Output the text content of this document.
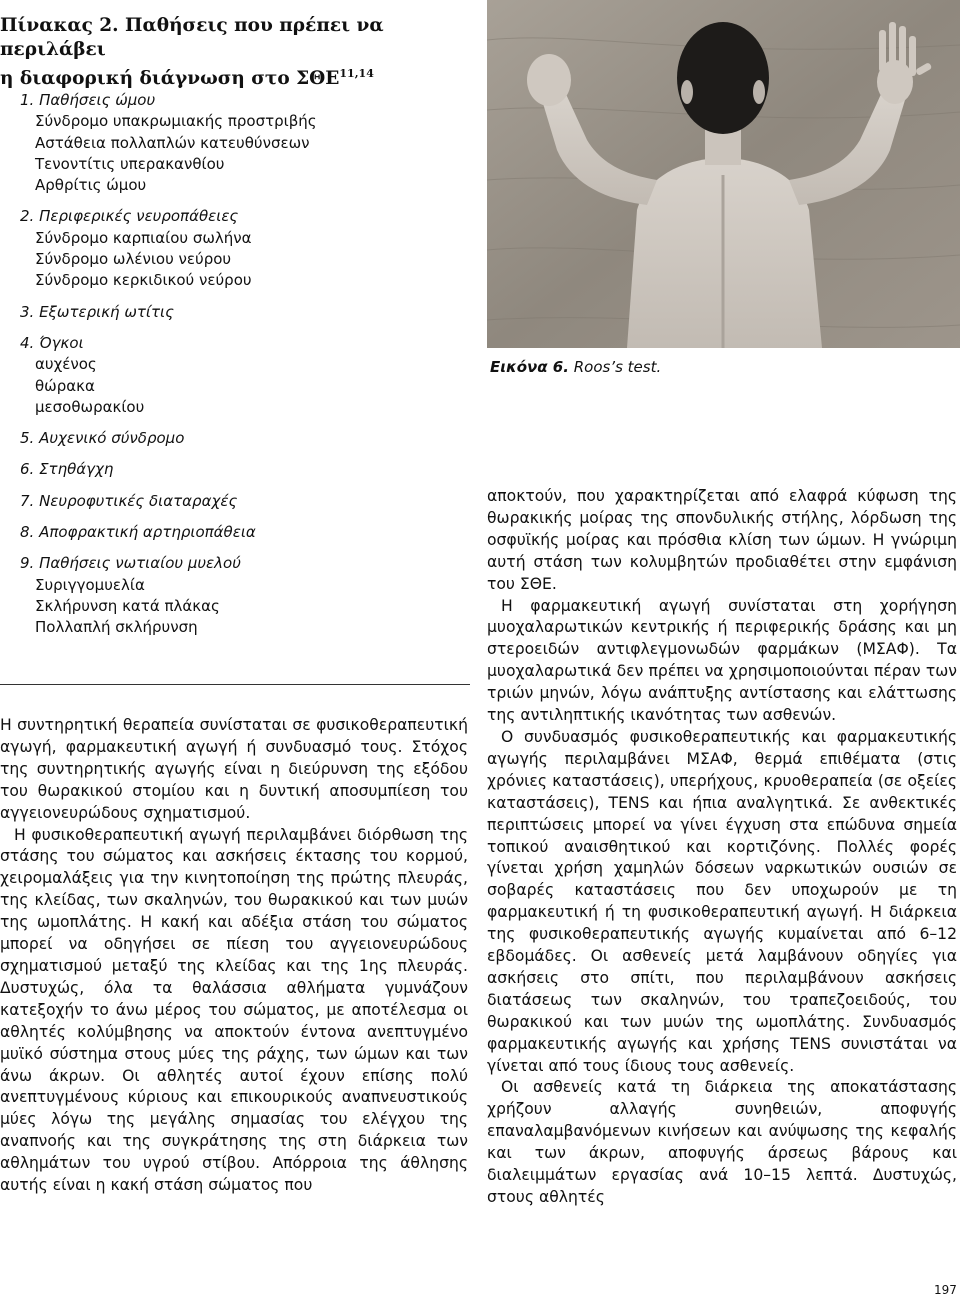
Πίνακας 2. Παθήσεις που πρέπει να περιλάβει
η διαφορική διάγνωση στο ΣΘΕ$^{11,14}$
1. Παθήσεις ώμου
Σύνδρομο υπακρωμιακής προστριβής
Αστάθεια πολλαπλών κατευθύνσεων
Τενοντίτις υπερακανθίου
Αρθρίτις ώμου
2. Περιφερικές νευροπάθειες
Σύνδρομο καρπιαίου σωλήνα
Σύνδρομο ωλένιου νεύρου
Σύνδρομο κερκιδικού νεύρου
3. Εξωτερική ωτίτις
4. Όγκοι
αυχένος
θώρακα
μεσοθωρακίου
5. Αυχενικό σύνδρομο
6. Στηθάγχη
7. Νευροφυτικές διαταραχές
8. Αποφρακτική αρτηριοπάθεια
9. Παθήσεις νωτιαίου μυελού
Συριγγομυελία
Σκλήρυνση κατά πλάκας
Πολλαπλή σκλήρυνση

Η συντηρητική θεραπεία συνίσταται σε φυσικοθεραπευτική αγωγή, φαρμακευτική αγωγή ή συνδυασμό τους. Στόχος της συντηρητικής αγωγής είναι η διεύρυνση της εξόδου του θωρακικού στομίου και η δυντική αποσυμπίεση του αγγειονευρώδους σχηματισμού.

Η φυσικοθεραπευτική αγωγή περιλαμβάνει διόρθωση της στάσης του σώματος και ασκήσεις έκτασης του κορμού, χειρομαλάξεις για την κινητοποίηση της πρώτης πλευράς, της κλείδας, των σκαληνών, του θωρακικού και των μυών της ωμοπλάτης. Η κακή και αδέξια στάση του σώματος μπορεί να οδηγήσει σε πίεση του αγγειονευρώδους σχηματισμού μεταξύ της κλείδας και της 1ης πλευράς. Δυστυχώς, όλα τα θαλάσσια αθλήματα γυμνάζουν κατεξοχήν τo άνω μέρος του σώματος, με αποτέλεσμα οι αθλητές κολύμβησης να αποκτούν έντονα ανεπτυγμένο μυϊκό σύστημα στους μύες της ράχης, των ώμων και των άνω άκρων. Οι αθλητές αυτοί έχουν επίσης πολύ ανεπτυγμένους κύριους και επικουρικούς αναπνευστικούς μύες λόγω της μεγάλης σημασίας του ελέγχου της αναπνοής και της συγκράτησης της στη διάρκεια των αθλημάτων του υγρού στίβου. Απόρροια της άθλησης αυτής είναι η κακή στάση σώματος που

Εικόνα 6. Roos’s test.

αποκτούν, που χαρακτηρίζεται από ελαφρά κύφωση της θωρακικής μοίρας της σπονδυλικής στήλης, λόρδωση της οσφυϊκής μοίρας και πρόσθια κλίση των ώμων. Η γνώριμη αυτή στάση των κολυμβητών προδιαθέτει στην εμφάνιση του ΣΘΕ.

Η φαρμακευτική αγωγή συνίσταται στη χορήγηση μυοχαλαρωτικών κεντρικής ή περιφερικής δράσης και μη στεροειδών αντιφλεγμονωδών φαρμάκων (ΜΣΑΦ). Τα μυοχαλαρωτικά δεν πρέπει να χρησιμοποιούνται πέραν των τριών μηνών, λόγω ανάπτυξης αντίστασης και ελάττωσης της αντιληπτικής ικανότητας των ασθενών.

Ο συνδυασμός φυσικοθεραπευτικής και φαρμακευτικής αγωγής περιλαμβάνει ΜΣΑΦ, θερμά επιθέματα (στις χρόνιες καταστάσεις), υπερήχους, κρυοθεραπεία (σε οξείες καταστάσεις), TENS και ήπια αναλγητικά. Σε ανθεκτικές περιπτώσεις μπορεί να γίνει έγχυση στα επώδυνα σημεία τοπικού αναισθητικού και κορτιζόνης. Πολλές φορές γίνεται χρήση χαμηλών δόσεων ναρκωτικών ουσιών σε σοβαρές καταστάσεις που δεν υποχωρούν με τη φαρμακευτική ή τη φυσικοθεραπευτική αγωγή. Η διάρκεια της φυσικοθεραπευτικής αγωγής κυμαίνεται από 6–12 εβδομάδες. Οι ασθενείς μετά λαμβάνουν οδηγίες για ασκήσεις στο σπίτι, που περιλαμβάνουν ασκήσεις διατάσεως των σκαληνών, του τραπεζοειδούς, του θωρακικού και των μυών της ωμοπλάτης. Συνδυασμός φαρμακευτικής αγωγής και χρήσης TENS συνιστάται να γίνεται από τους ίδιους τους ασθενείς.

Οι ασθενείς κατά τη διάρκεια της αποκατάστασης χρήζουν αλλαγής συνηθειών, αποφυγής επαναλαμβανόμενων κινήσεων και ανύψωσης της κεφαλής και των άκρων, αποφυγής άρσεως βάρους και διαλειμμάτων εργασίας ανά 10–15 λεπτά. Δυστυχώς, στους αθλητές

197
